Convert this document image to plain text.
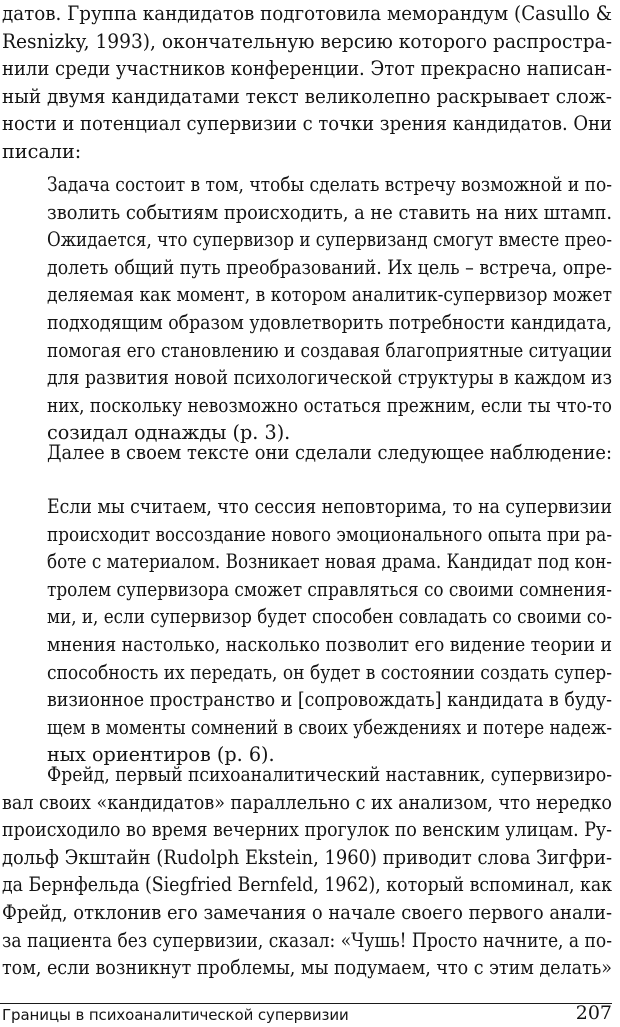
датов. Группа кандидатов подготовила меморандум (Casullo &
Resnizky, 1993), окончательную версию которого распростра-
нили среди участников конференции. Этот прекрасно написан-
ный двумя кандидатами текст великолепно раскрывает слож-
ности и потенциал супервизии с точки зрения кандидатов. Они
писали:
Задача состоит в том, чтобы сделать встречу возможной и по-
зволить событиям происходить, а не ставить на них штамп.
Ожидается, что супервизор и супервизанд смогут вместе прео-
долеть общий путь преобразований. Их цель – встреча, опре-
деляемая как момент, в котором аналитик-супервизор может
подходящим образом удовлетворить потребности кандидата,
помогая его становлению и создавая благоприятные ситуации
для развития новой психологической структуры в каждом из
них, поскольку невозможно остаться прежним, если ты что-то
созидал однажды (p. 3).
Далее в своем тексте они сделали следующее наблюдение:
Если мы считаем, что сессия неповторима, то на супервизии
происходит воссоздание нового эмоционального опыта при ра-
боте с материалом. Возникает новая драма. Кандидат под кон-
тролем супервизора сможет справляться со своими сомнения-
ми, и, если супервизор будет способен совладать со своими со-
мнения настолько, насколько позволит его видение теории и
способность их передать, он будет в состоянии создать супер-
визионное пространство и [сопровождать] кандидата в буду-
щем в моменты сомнений в своих убеждениях и потере надеж-
ных ориентиров (p. 6).
Фрейд, первый психоаналитический наставник, супервизиро-
вал своих «кандидатов» параллельно с их анализом, что нередко
происходило во время вечерних прогулок по венским улицам. Ру-
дольф Экштайн (Rudolph Ekstein, 1960) приводит слова Зигфри-
да Бернфельда (Siegfried Bernfeld, 1962), который вспоминал, как
Фрейд, отклонив его замечания о начале своего первого анали-
за пациента без супервизии, сказал: «Чушь! Просто начните, а по-
том, если возникнут проблемы, мы подумаем, что с этим делать»
Границы в психоаналитической супервизии	207
